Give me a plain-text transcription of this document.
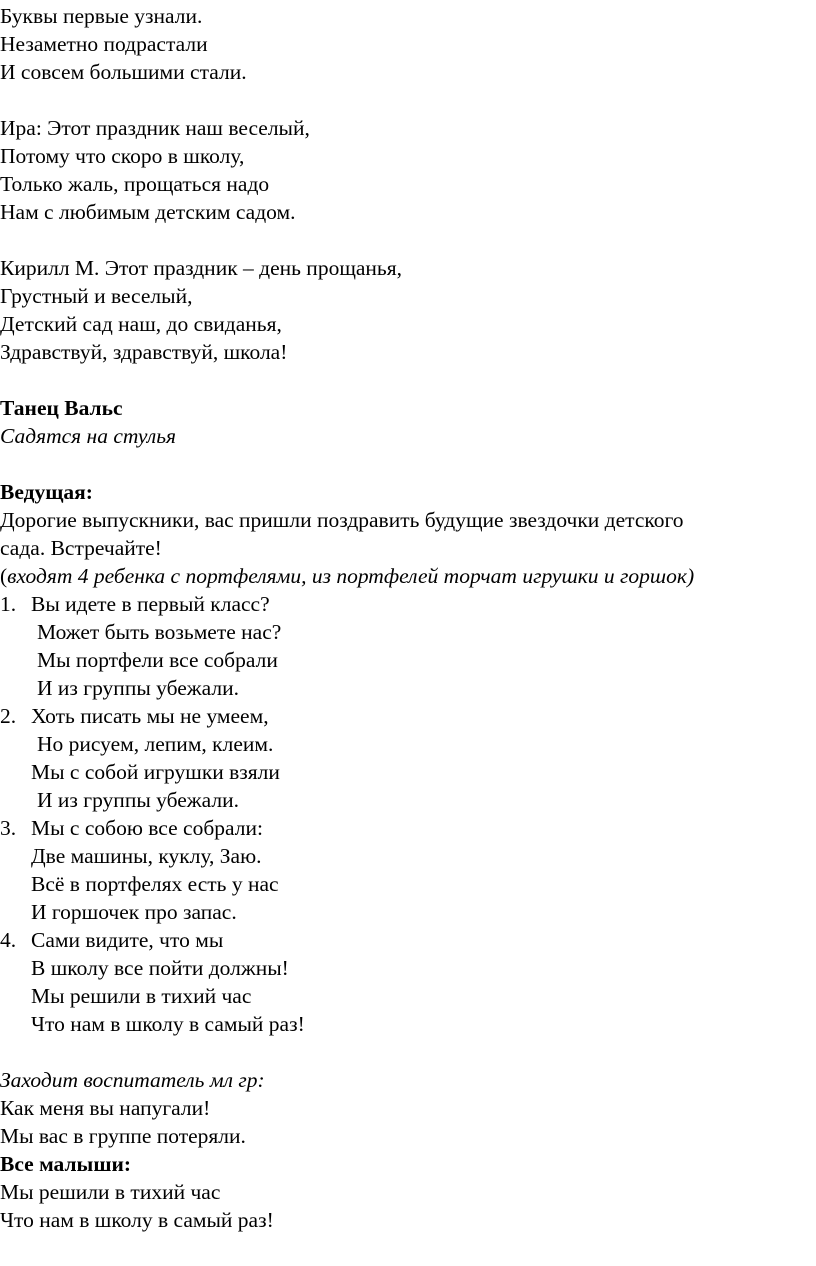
Буквы первые узнали.

Незаметно подрастали

И совсем большими стали.

Ира: Этот праздник наш веселый,

Потому что скоро в школу,

Только жаль, прощаться надо

Нам с любимым детским садом.

Кирилл М. Этот праздник – день прощанья,

Грустный и веселый,

Детский сад наш, до свиданья,

Здравствуй, здравствуй, школа!

Танец Вальс

Садятся на стулья

Ведущая:

Дорогие выпускники, вас пришли поздравить будущие звездочки детского

сада. Встречайте!

(входят 4 ребенка с портфелями, из портфелей торчат игрушки и горшок)

1. Вы идете в первый класс?

Может быть возьмете нас?

Мы портфели все собрали

И из группы убежали.

2. Хоть писать мы не умеем,

Но рисуем, лепим, клеим.

Мы с собой игрушки взяли

И из группы убежали.

3. Мы с собою все собрали:

Две машины, куклу, Заю.

Всё в портфелях есть у нас

И горшочек про запас.

4. Сами видите, что мы

В школу все пойти должны!

Мы решили в тихий час

Что нам в школу в самый раз!

Заходит воспитатель мл гр:

Как меня вы напугали!

Мы вас в группе потеряли.

Все малыши:

Мы решили в тихий час

Что нам в школу в самый раз!
